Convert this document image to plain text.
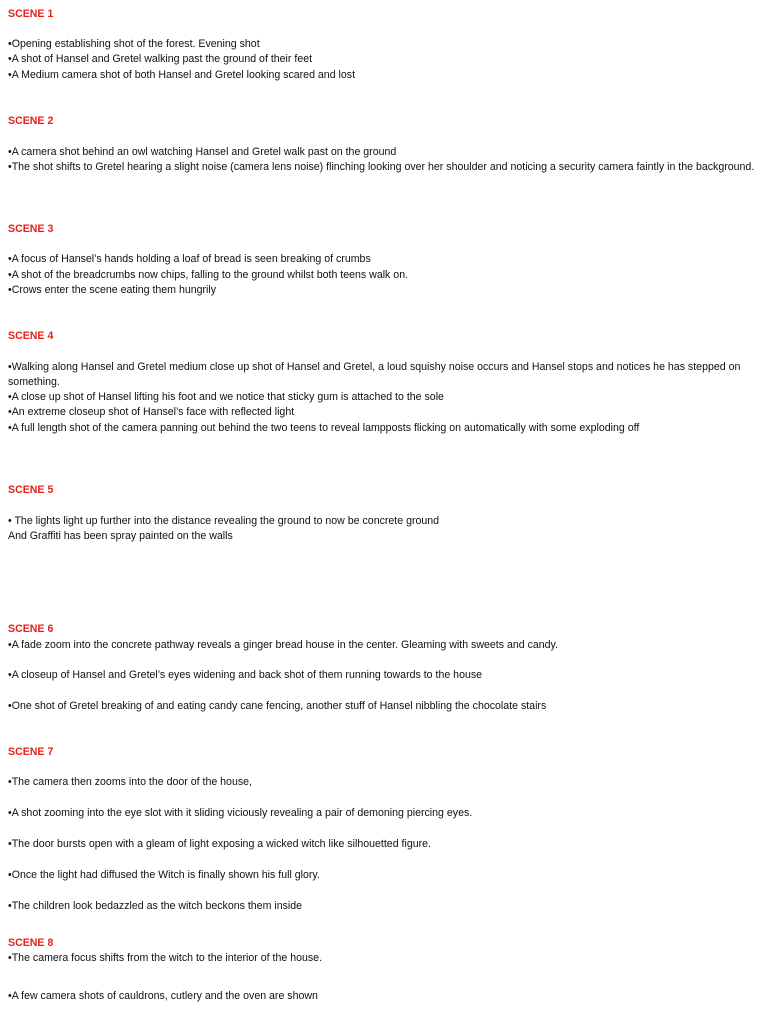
SCENE 1
•Opening establishing shot of the forest. Evening shot
•A shot of Hansel and Gretel walking past the ground of their feet
•A Medium camera shot of both Hansel and Gretel looking scared and lost
SCENE 2
•A camera shot behind an owl watching Hansel and Gretel walk past on the ground
•The shot shifts to Gretel hearing a slight noise (camera lens noise) flinching looking over her shoulder and noticing a security camera faintly in the background.
SCENE 3
•A focus of Hansel’s hands holding a loaf of bread is seen breaking of crumbs
•A shot of the breadcrumbs now chips, falling to the ground whilst both teens walk on.
•Crows enter the scene eating them hungrily
SCENE 4
•Walking along Hansel and Gretel medium close up shot of Hansel and Gretel, a loud squishy noise occurs and Hansel stops and notices he has stepped on something.
•A close up shot of Hansel lifting his foot and we notice that sticky gum is attached to the sole
•An extreme closeup shot of Hansel’s face with reflected light
•A full length shot of the camera panning out behind the two teens to reveal lampposts flicking on automatically with some exploding off
SCENE 5
• The lights light up further into the distance revealing the ground to now be concrete ground
And Graffiti has been spray painted on the walls
SCENE 6
•A fade zoom into the concrete pathway reveals a ginger bread house in the center. Gleaming with sweets and candy.
•A closeup of Hansel and Gretel’s eyes widening and back shot of them running towards to the house
•One shot of Gretel breaking of and eating candy cane fencing, another stuff of Hansel nibbling the chocolate stairs
SCENE 7
•The camera then zooms into the door of the house,
•A shot zooming into the eye slot with it sliding viciously revealing a pair of demoning piercing eyes.
•The door bursts open with a gleam of light exposing a wicked witch like silhouetted figure.
•Once the light had diffused the Witch is finally shown his full glory.
•The children look bedazzled as the witch beckons them inside
SCENE 8
•The camera focus shifts from the witch to the interior of the house.
•A few camera shots of cauldrons, cutlery and the oven are shown
